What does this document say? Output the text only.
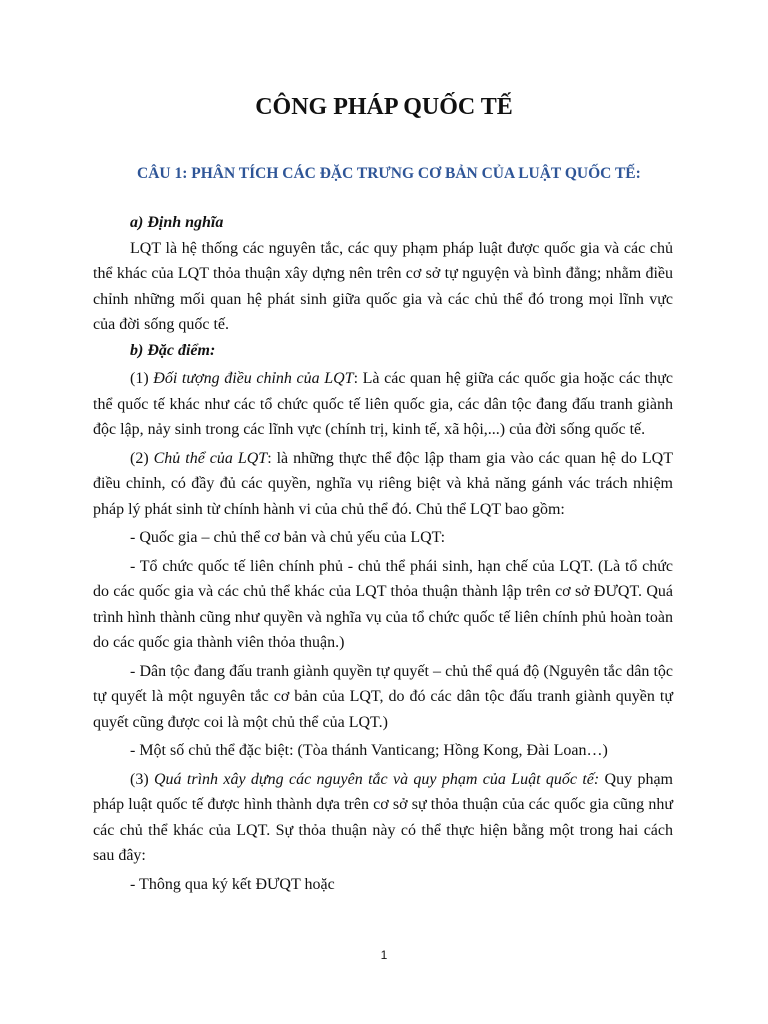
CÔNG PHÁP QUỐC TẾ
CÂU 1: PHÂN TÍCH CÁC ĐẶC TRƯNG CƠ BẢN CỦA LUẬT QUỐC TẾ:

a) Định nghĩa

LQT là hệ thống các nguyên tắc, các quy phạm pháp luật được quốc gia và các chủ thể khác của LQT thỏa thuận xây dựng nên trên cơ sở tự nguyện và bình đẳng; nhằm điều chỉnh những mối quan hệ phát sinh giữa quốc gia và các chủ thể đó trong mọi lĩnh vực của đời sống quốc tế.

b) Đặc điểm:

(1) Đối tượng điều chỉnh của LQT: Là các quan hệ giữa các quốc gia hoặc các thực thể quốc tế khác như các tổ chức quốc tế liên quốc gia, các dân tộc đang đấu tranh giành độc lập, nảy sinh trong các lĩnh vực (chính trị, kinh tế, xã hội,...) của đời sống quốc tế.

(2) Chủ thể của LQT: là những thực thể độc lập tham gia vào các quan hệ do LQT điều chỉnh, có đầy đủ các quyền, nghĩa vụ riêng biệt và khả năng gánh vác trách nhiệm pháp lý phát sinh từ chính hành vi của chủ thể đó. Chủ thể LQT bao gồm:

- Quốc gia – chủ thể cơ bản và chủ yếu của LQT:

- Tổ chức quốc tế liên chính phủ - chủ thể phái sinh, hạn chế của LQT. (Là tổ chức do các quốc gia và các chủ thể khác của LQT thỏa thuận thành lập trên cơ sở ĐƯQT. Quá trình hình thành cũng như quyền và nghĩa vụ của tổ chức quốc tế liên chính phủ hoàn toàn do các quốc gia thành viên thỏa thuận.)

- Dân tộc đang đấu tranh giành quyền tự quyết – chủ thể quá độ (Nguyên tắc dân tộc tự quyết là một nguyên tắc cơ bản của LQT, do đó các dân tộc đấu tranh giành quyền tự quyết cũng được coi là một chủ thể của LQT.)

- Một số chủ thể đặc biệt: (Tòa thánh Vanticang; Hồng Kong, Đài Loan…)

(3) Quá trình xây dựng các nguyên tắc và quy phạm của Luật quốc tế: Quy phạm pháp luật quốc tế được hình thành dựa trên cơ sở sự thỏa thuận của các quốc gia cũng như các chủ thể khác của LQT. Sự thỏa thuận này có thể thực hiện bằng một trong hai cách sau đây:

- Thông qua ký kết ĐƯQT hoặc

1
